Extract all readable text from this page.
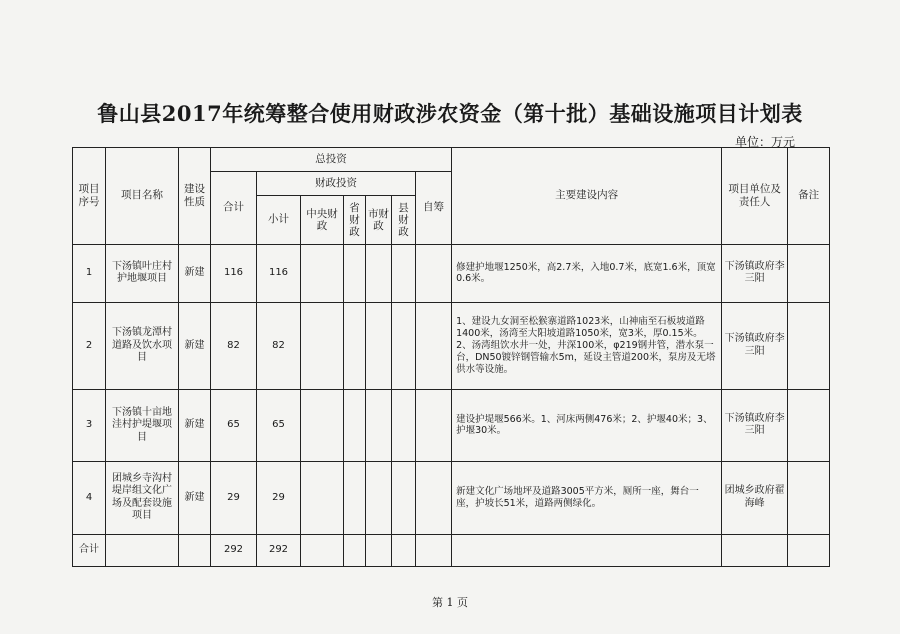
鲁山县2017年统筹整合使用财政涉农资金（第十批）基础设施项目计划表
单位：万元
项目序号	项目名称	建设性质	总投资							主要建设内容	项目单位及责任人	备注
			合计	财政投资					自筹			
				小计	中央财政	省财政	市财政	县财政				
1	下汤镇叶庄村护地堰项目	新建	116	116						修建护地堰1250米，高2.7米，入地0.7米，底宽1.6米，顶宽0.6米。	下汤镇政府李三阳	
2	下汤镇龙潭村道路及饮水项目	新建	82	82						1、建设九女洞至松猴寨道路1023米，山神庙至石板坡道路1400米，汤湾至大阳坡道路1050米，宽3米，厚0.15米。2、汤湾组饮水井一处，井深100米，φ219钢井管，潜水泵一台，DN50镀锌钢管输水5m，延设主管道200米，泵房及无塔供水等设施。	下汤镇政府李三阳	
3	下汤镇十亩地洼村护堤堰项目	新建	65	65						建设护堤堰566米。1、河床两侧476米；2、护堰40米；3、护堰30米。	下汤镇政府李三阳	
4	团城乡寺沟村堤岸组文化广场及配套设施项目	新建	29	29						新建文化广场地坪及道路3005平方米，厕所一座，舞台一座，护坡长51米，道路两侧绿化。	团城乡政府翟海峰	
合计			292	292								
第 1 页
